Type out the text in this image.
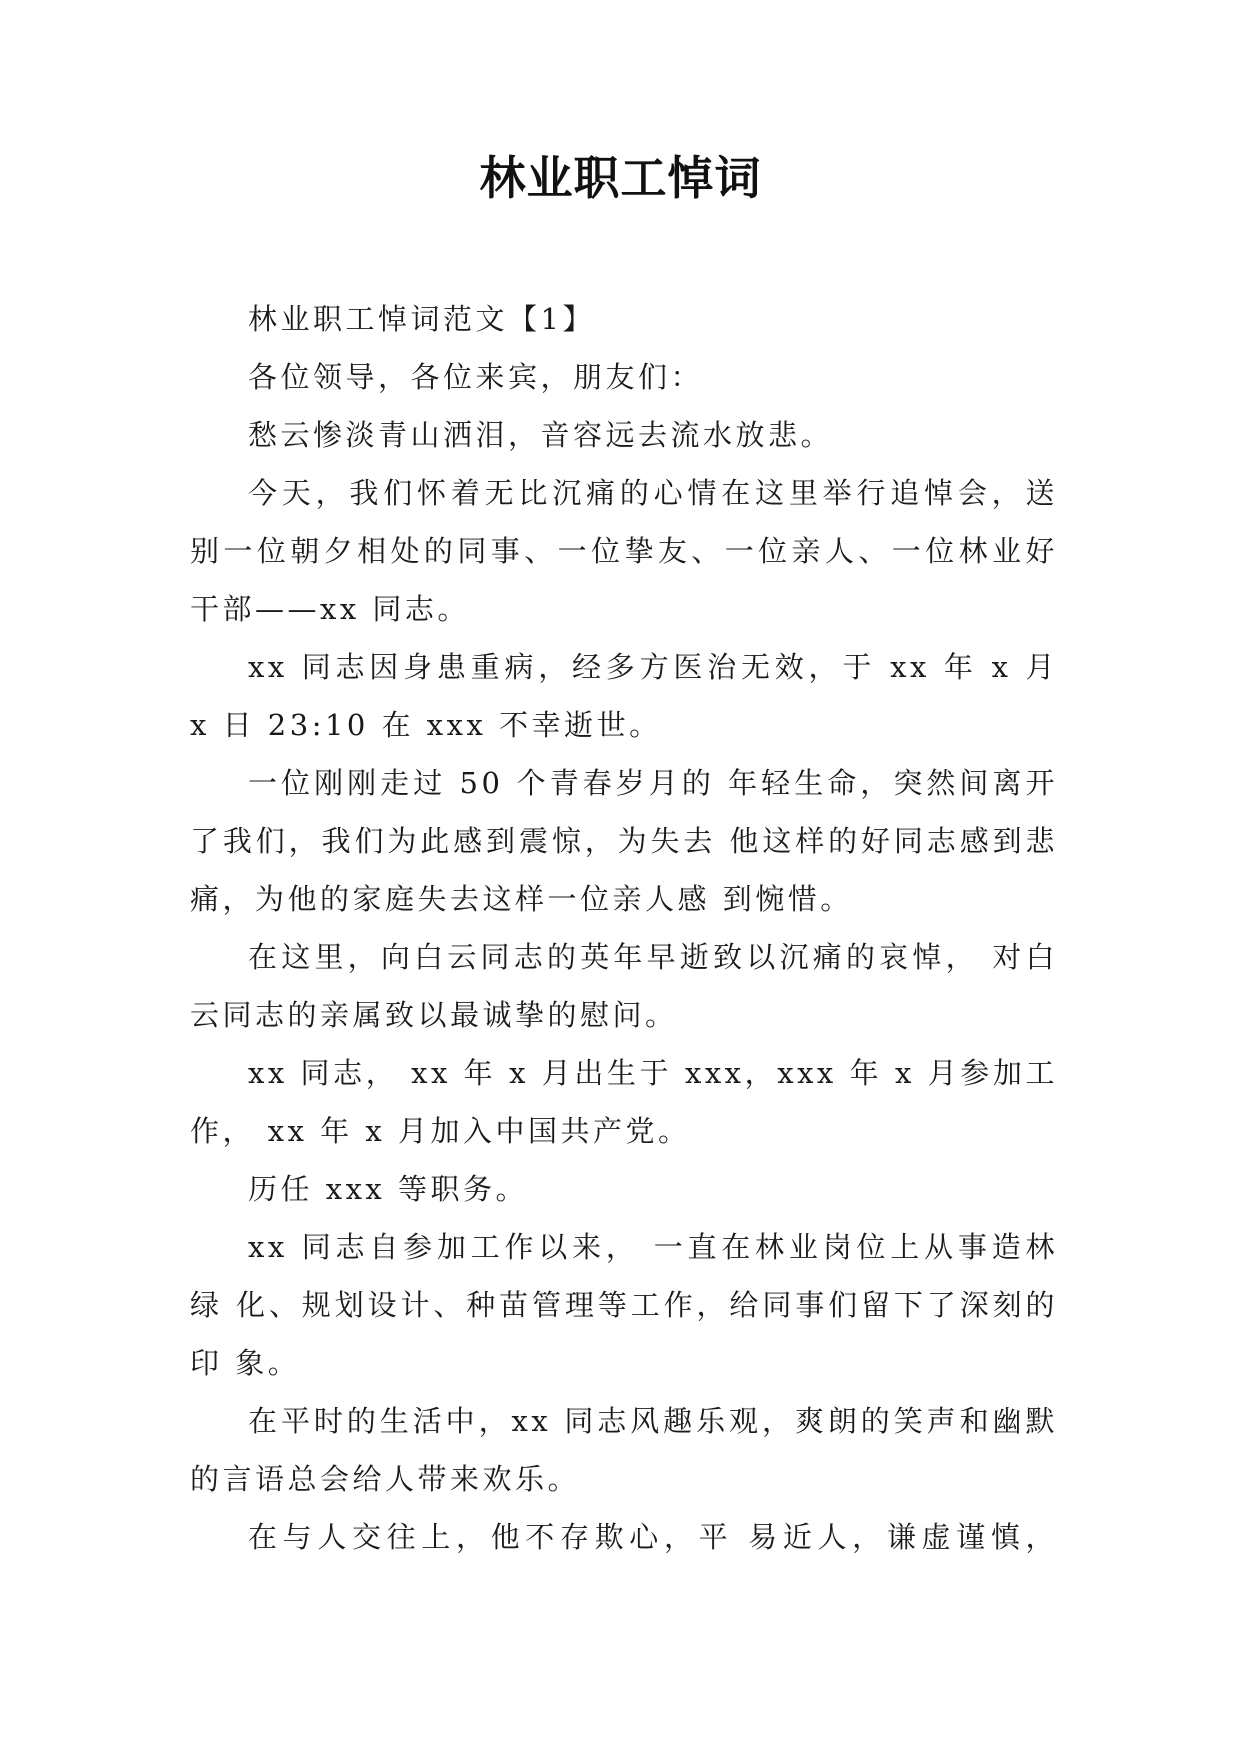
林业职工悼词

林业职工悼词范文【1】

各位领导，各位来宾，朋友们：

愁云惨淡青山洒泪，音容远去流水放悲。

今天，我们怀着无比沉痛的心情在这里举行追悼会，送别一位朝夕相处的同事、一位挚友、一位亲人、一位林业好干部——xx 同志。

xx 同志因身患重病，经多方医治无效，于 xx 年 x 月 x 日 23:10 在 xxx 不幸逝世。

一位刚刚走过 50 个青春岁月的 年轻生命，突然间离开了我们，我们为此感到震惊，为失去 他这样的好同志感到悲痛，为他的家庭失去这样一位亲人感 到惋惜。

在这里，向白云同志的英年早逝致以沉痛的哀悼， 对白云同志的亲属致以最诚挚的慰问。

xx 同志， xx 年 x 月出生于 xxx，xxx 年 x 月参加工作， xx 年 x 月加入中国共产党。

历任 xxx 等职务。

xx 同志自参加工作以来， 一直在林业岗位上从事造林绿 化、规划设计、种苗管理等工作，给同事们留下了深刻的印 象。

在平时的生活中，xx 同志风趣乐观，爽朗的笑声和幽默 的言语总会给人带来欢乐。

在与人交往上，他不存欺心，平 易近人，谦虚谨慎，
